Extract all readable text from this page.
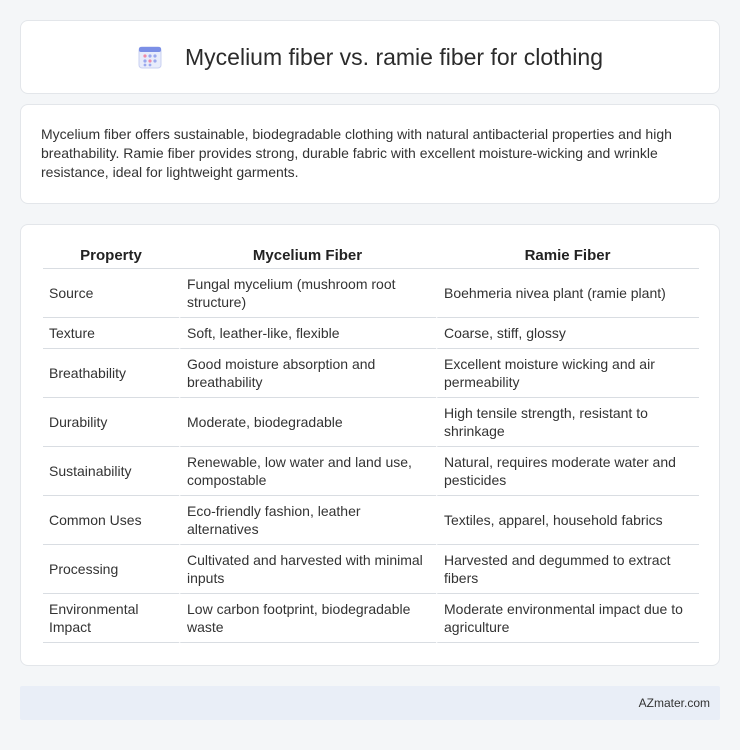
Mycelium fiber vs. ramie fiber for clothing

Mycelium fiber offers sustainable, biodegradable clothing with natural antibacterial properties and high breathability. Ramie fiber provides strong, durable fabric with excellent moisture-wicking and wrinkle resistance, ideal for lightweight garments.

Property	Mycelium Fiber	Ramie Fiber
Source	Fungal mycelium (mushroom root structure)	Boehmeria nivea plant (ramie plant)
Texture	Soft, leather-like, flexible	Coarse, stiff, glossy
Breathability	Good moisture absorption and breathability	Excellent moisture wicking and air permeability
Durability	Moderate, biodegradable	High tensile strength, resistant to shrinkage
Sustainability	Renewable, low water and land use, compostable	Natural, requires moderate water and pesticides
Common Uses	Eco-friendly fashion, leather alternatives	Textiles, apparel, household fabrics
Processing	Cultivated and harvested with minimal inputs	Harvested and degummed to extract fibers
Environmental Impact	Low carbon footprint, biodegradable waste	Moderate environmental impact due to agriculture
AZmater.com
